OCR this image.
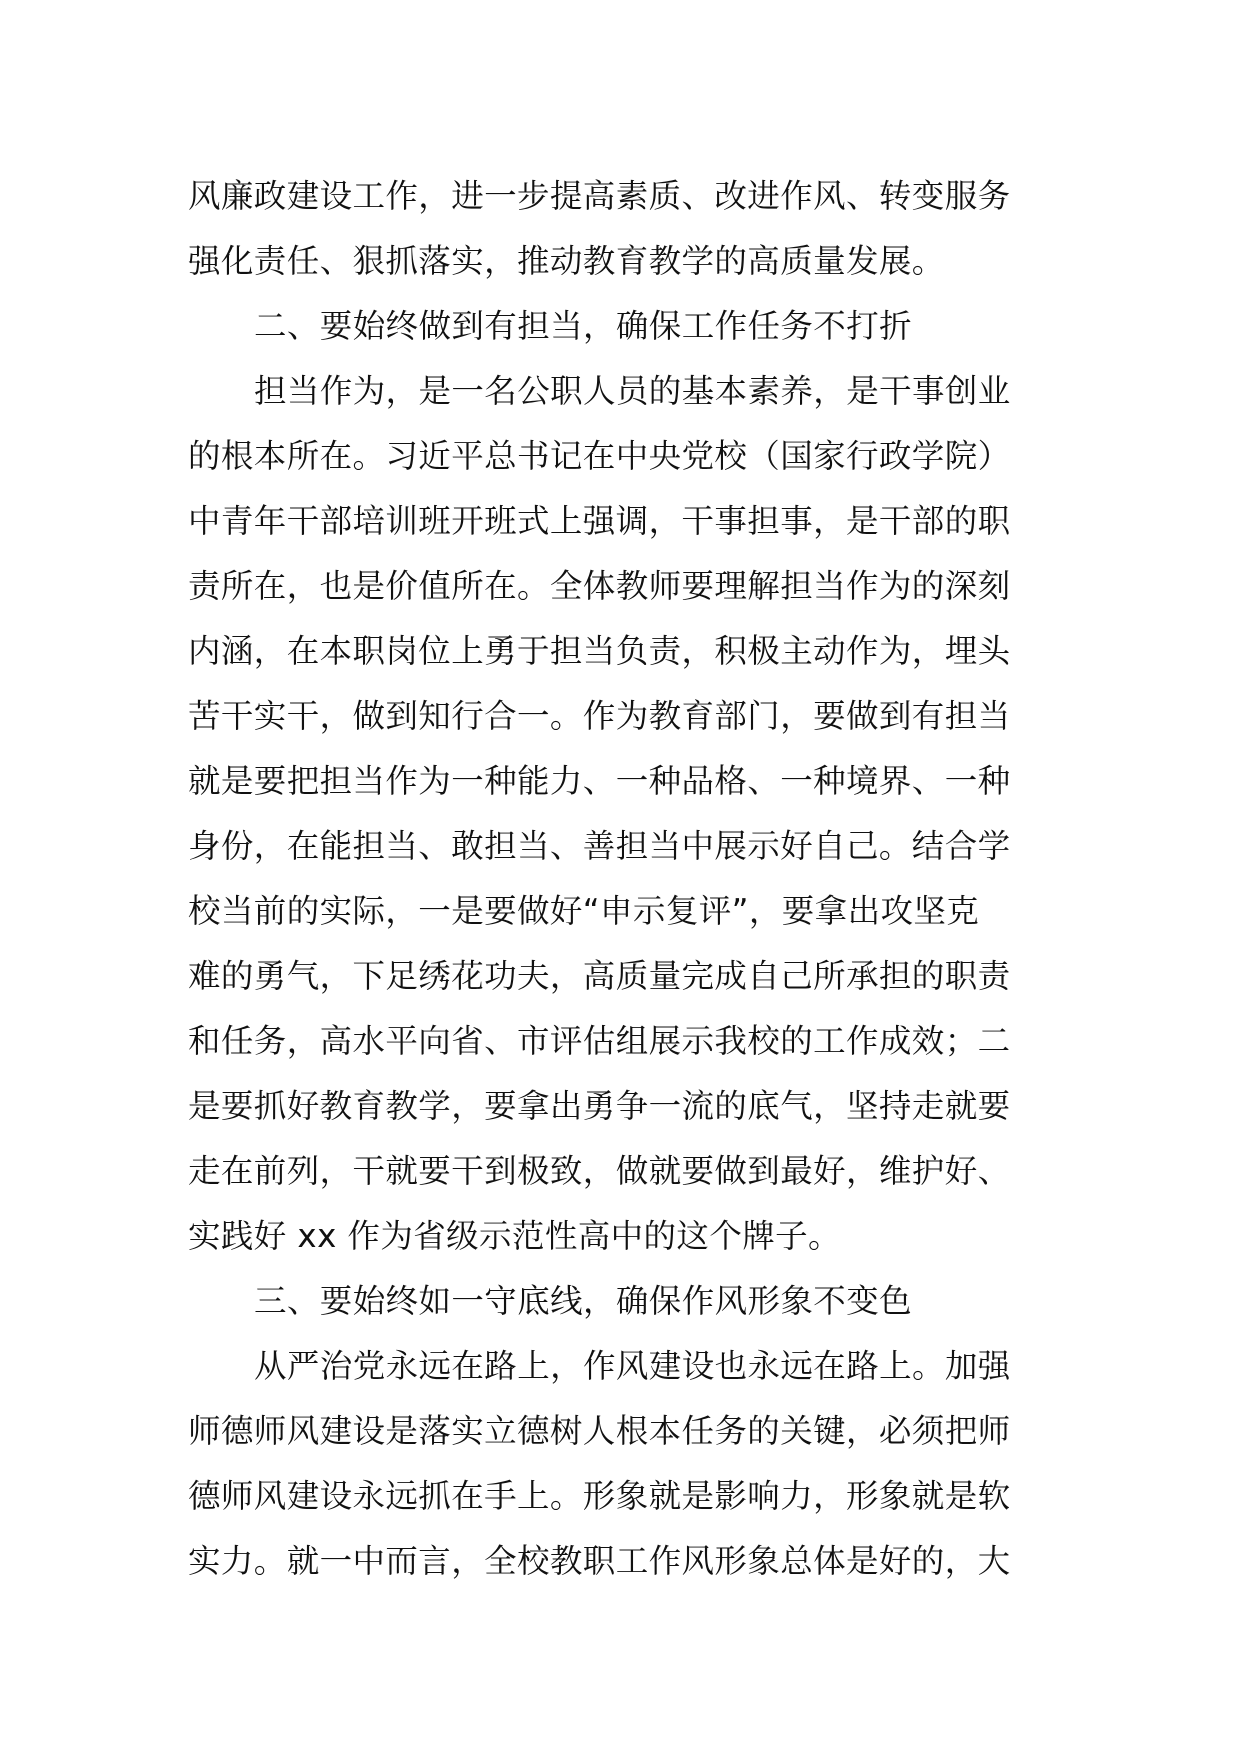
风廉政建设工作，进一步提高素质、改进作风、转变服务
强化责任、狠抓落实，推动教育教学的高质量发展。
二、要始终做到有担当，确保工作任务不打折
担当作为，是一名公职人员的基本素养，是干事创业
的根本所在。习近平总书记在中央党校（国家行政学院）
中青年干部培训班开班式上强调，干事担事，是干部的职
责所在，也是价值所在。全体教师要理解担当作为的深刻
内涵，在本职岗位上勇于担当负责，积极主动作为，埋头
苦干实干，做到知行合一。作为教育部门，要做到有担当
就是要把担当作为一种能力、一种品格、一种境界、一种
身份，在能担当、敢担当、善担当中展示好自己。结合学
校当前的实际，一是要做好“申示复评”，要拿出攻坚克
难的勇气，下足绣花功夫，高质量完成自己所承担的职责
和任务，高水平向省、市评估组展示我校的工作成效；二
是要抓好教育教学，要拿出勇争一流的底气，坚持走就要
走在前列，干就要干到极致，做就要做到最好，维护好、
实践好 xx 作为省级示范性高中的这个牌子。
三、要始终如一守底线，确保作风形象不变色
从严治党永远在路上，作风建设也永远在路上。加强
师德师风建设是落实立德树人根本任务的关键，必须把师
德师风建设永远抓在手上。形象就是影响力，形象就是软
实力。就一中而言，全校教职工作风形象总体是好的，大
